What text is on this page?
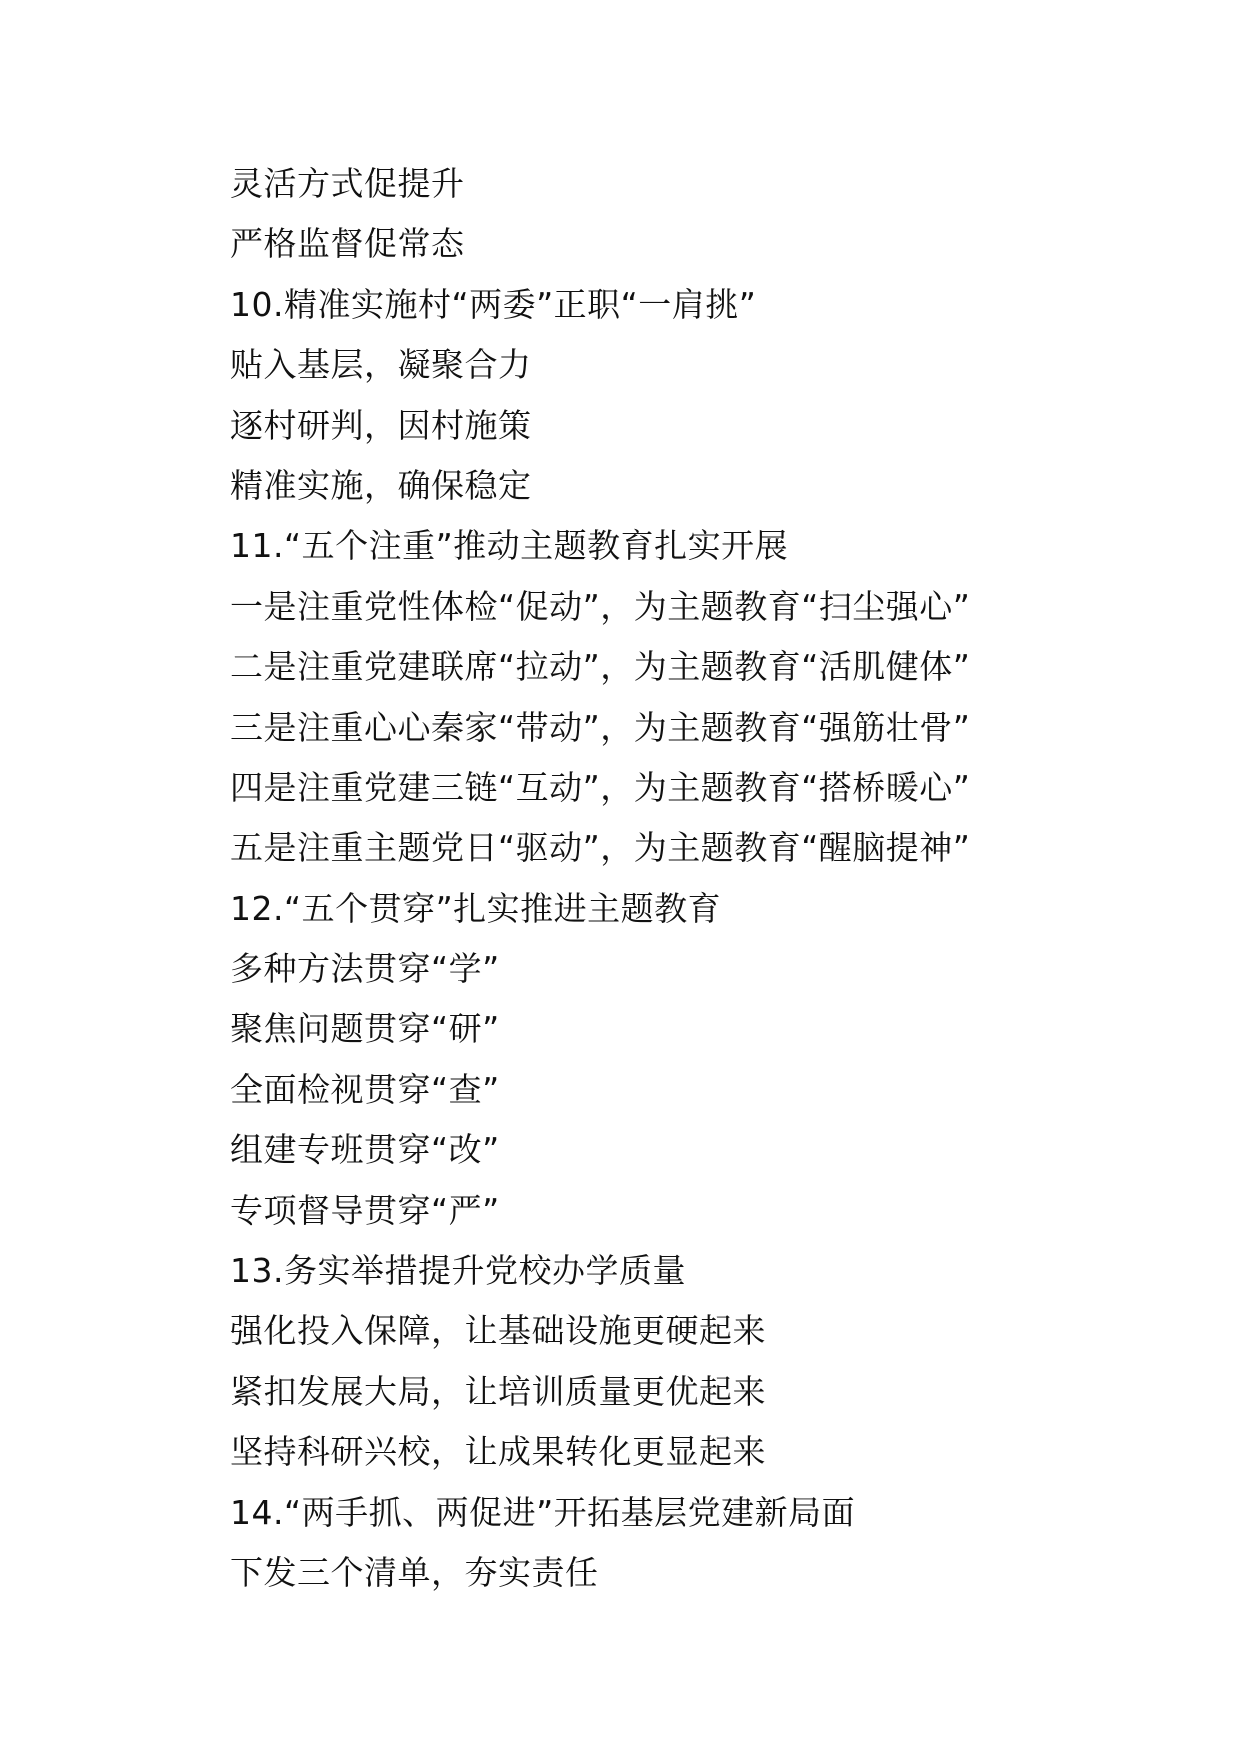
灵活方式促提升
严格监督促常态
10.精准实施村“两委”正职“一肩挑”
贴入基层，凝聚合力
逐村研判，因村施策
精准实施，确保稳定
11.“五个注重”推动主题教育扎实开展
一是注重党性体检“促动”，为主题教育“扫尘强心”
二是注重党建联席“拉动”，为主题教育“活肌健体”
三是注重心心秦家“带动”，为主题教育“强筋壮骨”
四是注重党建三链“互动”，为主题教育“搭桥暖心”
五是注重主题党日“驱动”，为主题教育“醒脑提神”
12.“五个贯穿”扎实推进主题教育
多种方法贯穿“学”
聚焦问题贯穿“研”
全面检视贯穿“查”
组建专班贯穿“改”
专项督导贯穿“严”
13.务实举措提升党校办学质量
强化投入保障，让基础设施更硬起来
紧扣发展大局，让培训质量更优起来
坚持科研兴校，让成果转化更显起来
14.“两手抓、两促进”开拓基层党建新局面
下发三个清单，夯实责任
